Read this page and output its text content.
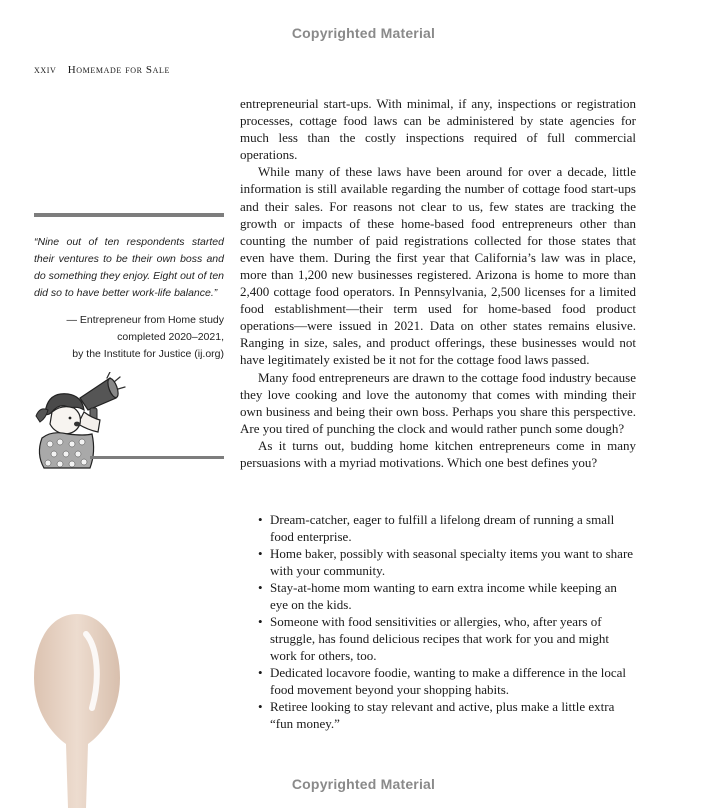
Copyrighted Material
xxiv Homemade for Sale
“Nine out of ten respondents started their ventures to be their own boss and do something they enjoy. Eight out of ten did so to have better work-life balance.”
— Entrepreneur from Home study
completed 2020–2021,
by the Institute for Justice (ij.org)

entrepreneurial start-ups. With minimal, if any, inspections or registration processes, cottage food laws can be administered by state agencies for much less than the costly inspections required of full commercial operations.

While many of these laws have been around for over a decade, little information is still available regarding the number of cottage food start-ups and their sales. For reasons not clear to us, few states are tracking the growth or impacts of these home-based food entrepreneurs other than counting the number of paid registrations collected for those states that even have them. During the first year that California’s law was in place, more than 1,200 new businesses registered. Arizona is home to more than 2,400 cottage food operators. In Pennsylvania, 2,500 licenses for a limited food establishment—their term used for home-based food product operations—were issued in 2021. Data on other states remains elusive. Ranging in size, sales, and product offerings, these businesses would not have legitimately existed be it not for the cottage food laws passed.

Many food entrepreneurs are drawn to the cottage food industry because they love cooking and love the autonomy that comes with minding their own business and being their own boss. Perhaps you share this perspective. Are you tired of punching the clock and would rather punch some dough?

As it turns out, budding home kitchen entrepreneurs come in many persuasions with a myriad motivations. Which one best defines you?

• Dream-catcher, eager to fulfill a lifelong dream of running a small food enterprise.
• Home baker, possibly with seasonal specialty items you want to share with your community.
• Stay-at-home mom wanting to earn extra income while keeping an eye on the kids.
• Someone with food sensitivities or allergies, who, after years of struggle, has found delicious recipes that work for you and might work for others, too.
• Dedicated locavore foodie, wanting to make a difference in the local food movement beyond your shopping habits.
• Retiree looking to stay relevant and active, plus make a little extra “fun money.”
Copyrighted Material
